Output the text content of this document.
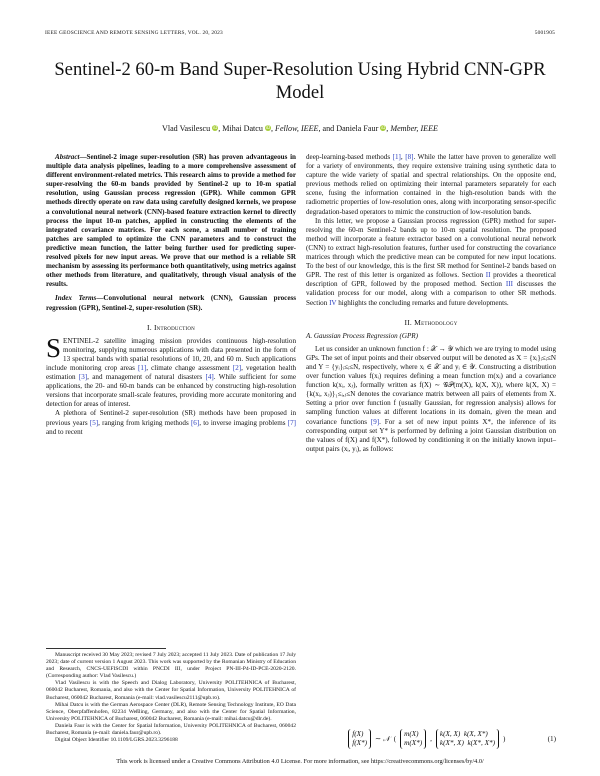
IEEE GEOSCIENCE AND REMOTE SENSING LETTERS, VOL. 20, 2023	5001905
Sentinel-2 60-m Band Super-Resolution Using Hybrid CNN-GPR Model
Vlad Vasilescu iD, Mihai Datcu iD, Fellow, IEEE, and Daniela Faur iD, Member, IEEE

Abstract—Sentinel-2 image super-resolution (SR) has proven advantageous in multiple data analysis pipelines, leading to a more comprehensive assessment of different environment-related metrics. This research aims to provide a method for super-resolving the 60-m bands provided by Sentinel-2 up to 10-m spatial resolution, using Gaussian process regression (GPR). While common GPR methods directly operate on raw data using carefully designed kernels, we propose a convolutional neural network (CNN)-based feature extraction kernel to directly process the input 10-m patches, applied in constructing the elements of the integrated covariance matrices. For each scene, a small number of training patches are sampled to optimize the CNN parameters and to construct the predictive mean function, the latter being further used for predicting super-resolved pixels for new input areas. We prove that our method is a reliable SR mechanism by assessing its performance both quantitatively, using metrics against other methods from literature, and qualitatively, through visual analysis of the results.

Index Terms—Convolutional neural network (CNN), Gaussian process regression (GPR), Sentinel-2, super-resolution (SR).

I. Introduction

SENTINEL-2 satellite imaging mission provides continuous high-resolution monitoring, supplying numerous applications with data presented in the form of 13 spectral bands with spatial resolutions of 10, 20, and 60 m. Such applications include monitoring crop areas [1], climate change assessment [2], vegetation health estimation [3], and management of natural disasters [4]. While sufficient for some applications, the 20- and 60-m bands can be enhanced by constructing high-resolution versions that incorporate small-scale features, providing more accurate monitoring and detection for areas of interest.

A plethora of Sentinel-2 super-resolution (SR) methods have been proposed in previous years [5], ranging from kriging methods [6], to inverse imaging problems [7] and to recent

Manuscript received 30 May 2023; revised 7 July 2023; accepted 11 July 2023. Date of publication 17 July 2023; date of current version 1 August 2023. This work was supported by the Romanian Ministry of Education and Research, CNCS-UEFISCDI within PNCDI III, under Project PN-III-P4-ID-PCE-2020-2120. (Corresponding author: Vlad Vasilescu.)

Vlad Vasilescu is with the Speech and Dialog Laboratory, University POLITEHNICA of Bucharest, 060042 Bucharest, Romania, and also with the Center for Spatial Information, University POLITEHNICA of Bucharest, 060042 Bucharest, Romania (e-mail: vlad.vasilescu2111@upb.ro).

Mihai Datcu is with the German Aerospace Center (DLR), Remote Sensing Technology Institute, EO Data Science, Oberpfaffenhofen, 82234 Weßling, Germany, and also with the Center for Spatial Information, University POLITEHNICA of Bucharest, 060042 Bucharest, Romania (e-mail: mihai.datcu@dlr.de).

Daniela Faur is with the Center for Spatial Information, University POLITEHNICA of Bucharest, 060042 Bucharest, Romania (e-mail: daniela.faur@upb.ro).

Digital Object Identifier 10.1109/LGRS.2023.3296188

deep-learning-based methods [1], [8]. While the latter have proven to generalize well for a variety of environments, they require extensive training using synthetic data to capture the wide variety of spatial and spectral relationships. On the opposite end, previous methods relied on optimizing their internal parameters separately for each scene, fusing the information contained in the high-resolution bands with the radiometric properties of low-resolution ones, along with incorporating sensor-specific degradation-based operators to mimic the construction of low-resolution bands.

In this letter, we propose a Gaussian process regression (GPR) method for super-resolving the 60-m Sentinel-2 bands up to 10-m spatial resolution. The proposed method will incorporate a feature extractor based on a convolutional neural network (CNN) to extract high-resolution features, further used for constructing the covariance matrices through which the predictive mean can be computed for new input locations. To the best of our knowledge, this is the first SR method for Sentinel-2 bands based on GPR. The rest of this letter is organized as follows. Section II provides a theoretical description of GPR, followed by the proposed method. Section III discusses the validation process for our model, along with a comparison to other SR methods. Section IV highlights the concluding remarks and future developments.

II. Methodology
A. Gaussian Process Regression (GPR)

Let us consider an unknown function f : 𝒳 → 𝒴 which we are trying to model using GPs. The set of input points and their observed output will be denoted as X = {xᵢ}ᵢ≤ᵢ≤N and Y = {yᵢ}ᵢ≤ᵢ≤N, respectively, where xᵢ ∈ 𝒳 and yᵢ ∈ 𝒴. Constructing a distribution over function values f(xᵢ) requires defining a mean function m(xᵢ) and a covariance function k(xᵢ, xⱼ), formally written as f(X) ∼ 𝒢𝒫(m(X), k(X, X)), where k(X, X) = {k(xᵢ, xⱼ)}₁≤ᵢ,ⱼ≤N denotes the covariance matrix between all pairs of elements from X. Setting a prior over function f (usually Gaussian, for regression analysis) allows for sampling function values at different locations in its domain, given the mean and covariance functions [9]. For a set of new input points X*, the inference of its corresponding output set Y* is performed by defining a joint Gaussian distribution on the values of f(X) and f(X*), followed by conditioning it on the initially known input–output pairs (xᵢ, yᵢ), as follows:

f(X)
f(X*) ∼ 𝒩 (
m(X)
m(X*) ,
k(X, X) k(X, X*)
k(X*, X) k(X*, X*) )	(1)
This work is licensed under a Creative Commons Attribution 4.0 License. For more information, see https://creativecommons.org/licenses/by/4.0/
